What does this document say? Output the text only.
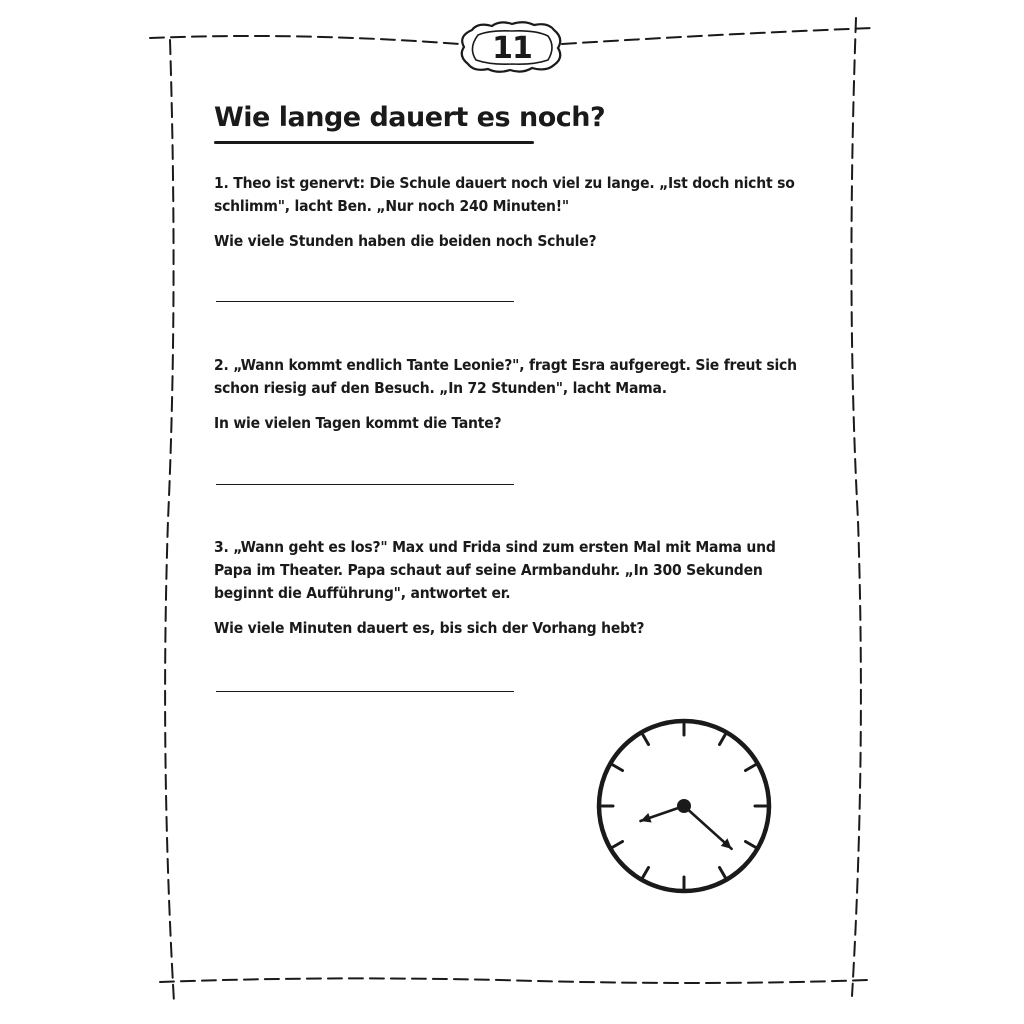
11
Wie lange dauert es noch?

1. Theo ist genervt: Die Schule dauert noch viel zu lange. „Ist doch nicht so schlimm", lacht Ben. „Nur noch 240 Minuten!"

Wie viele Stunden haben die beiden noch Schule?

2. „Wann kommt endlich Tante Leonie?", fragt Esra aufgeregt. Sie freut sich schon riesig auf den Besuch. „In 72 Stunden", lacht Mama.

In wie vielen Tagen kommt die Tante?

3. „Wann geht es los?" Max und Frida sind zum ersten Mal mit Mama und Papa im Theater. Papa schaut auf seine Armbanduhr. „In 300 Sekunden beginnt die Aufführung", antwortet er.

Wie viele Minuten dauert es, bis sich der Vorhang hebt?
